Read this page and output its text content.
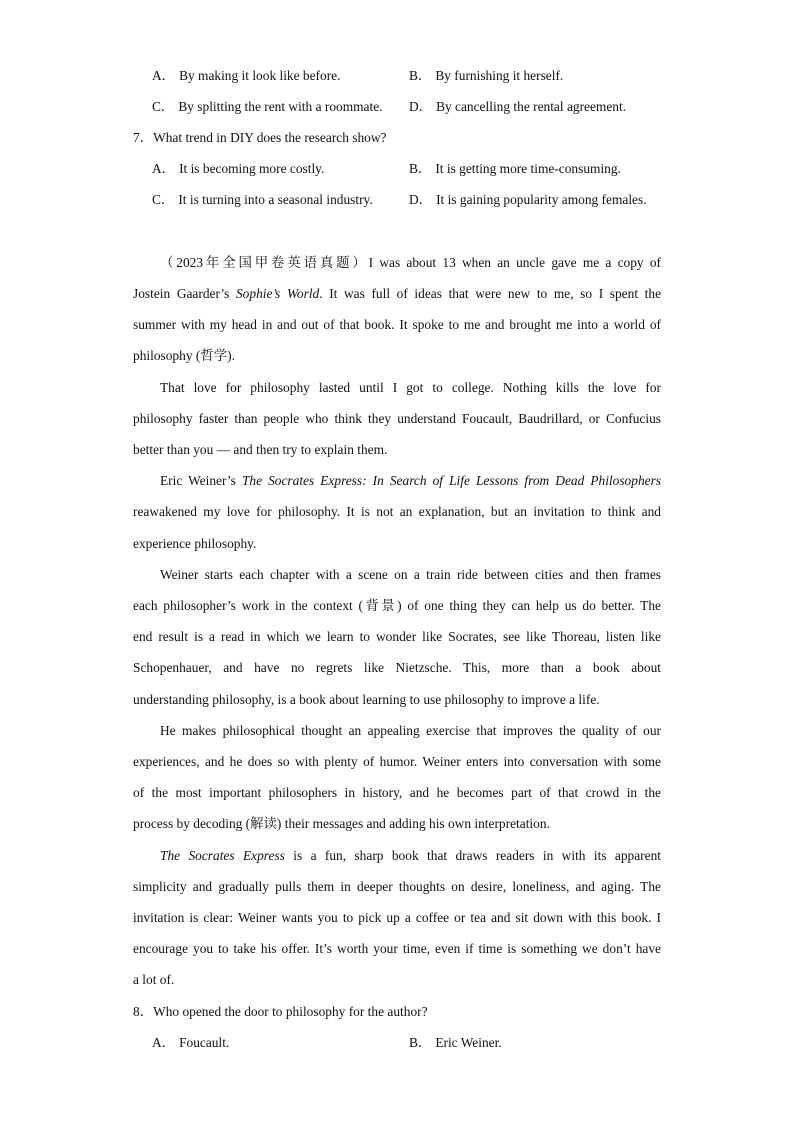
A． By making it look like before.	B． By furnishing it herself.
C． By splitting the rent with a roommate. D． By cancelling the rental agreement.
7．What trend in DIY does the research show?
A． It is becoming more costly.	B． It is getting more time-consuming.
C． It is turning into a seasonal industry.	D． It is gaining popularity among females.
（2023年全国甲卷英语真题）I was about 13 when an uncle gave me a copy of
Jostein Gaarder’s Sophie’s World. It was full of ideas that were new to me, so I spent the
summer with my head in and out of that book. It spoke to me and brought me into a world of
philosophy (哲学).
That love for philosophy lasted until I got to college. Nothing kills the love for
philosophy faster than people who think they understand Foucault, Baudrillard, or Confucius
better than you — and then try to explain them.
Eric Weiner’s The Socrates Express: In Search of Life Lessons from Dead Philosophers
reawakened my love for philosophy. It is not an explanation, but an invitation to think and
experience philosophy.
Weiner starts each chapter with a scene on a train ride between cities and then frames
each philosopher’s work in the context (背景) of one thing they can help us do better. The
end result is a read in which we learn to wonder like Socrates, see like Thoreau, listen like
Schopenhauer, and have no regrets like Nietzsche. This, more than a book about
understanding philosophy, is a book about learning to use philosophy to improve a life.
He makes philosophical thought an appealing exercise that improves the quality of our
experiences, and he does so with plenty of humor. Weiner enters into conversation with some
of the most important philosophers in history, and he becomes part of that crowd in the
process by decoding (解读) their messages and adding his own interpretation.
The Socrates Express is a fun, sharp book that draws readers in with its apparent
simplicity and gradually pulls them in deeper thoughts on desire, loneliness, and aging. The
invitation is clear: Weiner wants you to pick up a coffee or tea and sit down with this book. I
encourage you to take his offer. It’s worth your time, even if time is something we don’t have
a lot of.
8．Who opened the door to philosophy for the author?
A． Foucault.	B． Eric Weiner.
